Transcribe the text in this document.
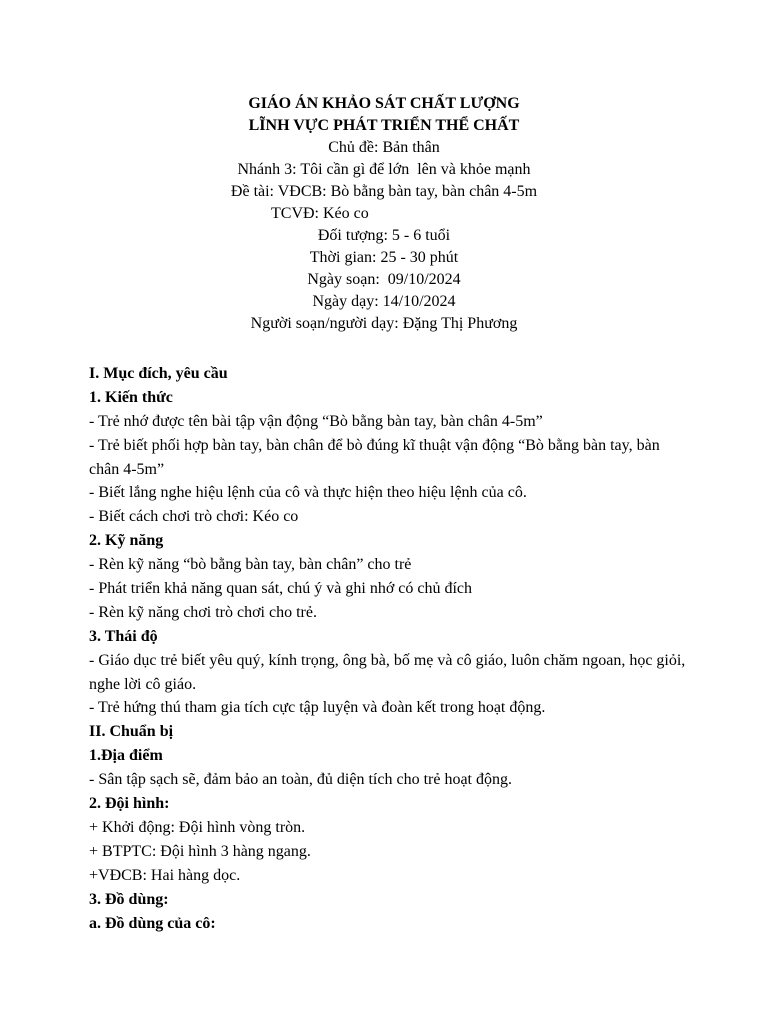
GIÁO ÁN KHẢO SÁT CHẤT LƯỢNG
LĨNH VỰC PHÁT TRIỂN THỂ CHẤT
Chủ đề: Bản thân
Nhánh 3: Tôi cần gì để lớn  lên và khỏe mạnh
Đề tài: VĐCB: Bò bằng bàn tay, bàn chân 4-5m
TCVĐ: Kéo co
Đối tượng: 5 - 6 tuổi
Thời gian: 25 - 30 phút
Ngày soạn:  09/10/2024
Ngày dạy: 14/10/2024
Người soạn/người dạy: Đặng Thị Phương
I. Mục đích, yêu cầu
1. Kiến thức
- Trẻ nhớ được tên bài tập vận động “Bò bằng bàn tay, bàn chân 4-5m”
- Trẻ biết phối hợp bàn tay, bàn chân để bò đúng kĩ thuật vận động “Bò bằng bàn tay, bàn chân 4-5m”
- Biết lắng nghe hiệu lệnh của cô và thực hiện theo hiệu lệnh của cô.
- Biết cách chơi trò chơi: Kéo co
2. Kỹ năng
- Rèn kỹ năng “bò bằng bàn tay, bàn chân” cho trẻ
- Phát triển khả năng quan sát, chú ý và ghi nhớ có chủ đích
- Rèn kỹ năng chơi trò chơi cho trẻ.
3. Thái độ
- Giáo dục trẻ biết yêu quý, kính trọng, ông bà, bố mẹ và cô giáo, luôn chăm ngoan, học giỏi, nghe lời cô giáo.
- Trẻ hứng thú tham gia tích cực tập luyện và đoàn kết trong hoạt động.
II. Chuẩn bị
1.Địa điểm
- Sân tập sạch sẽ, đảm bảo an toàn, đủ diện tích cho trẻ hoạt động.
2. Đội hình:
+ Khởi động: Đội hình vòng tròn.
+ BTPTC: Đội hình 3 hàng ngang.
+VĐCB: Hai hàng dọc.
3. Đồ dùng:
a. Đồ dùng của cô:
